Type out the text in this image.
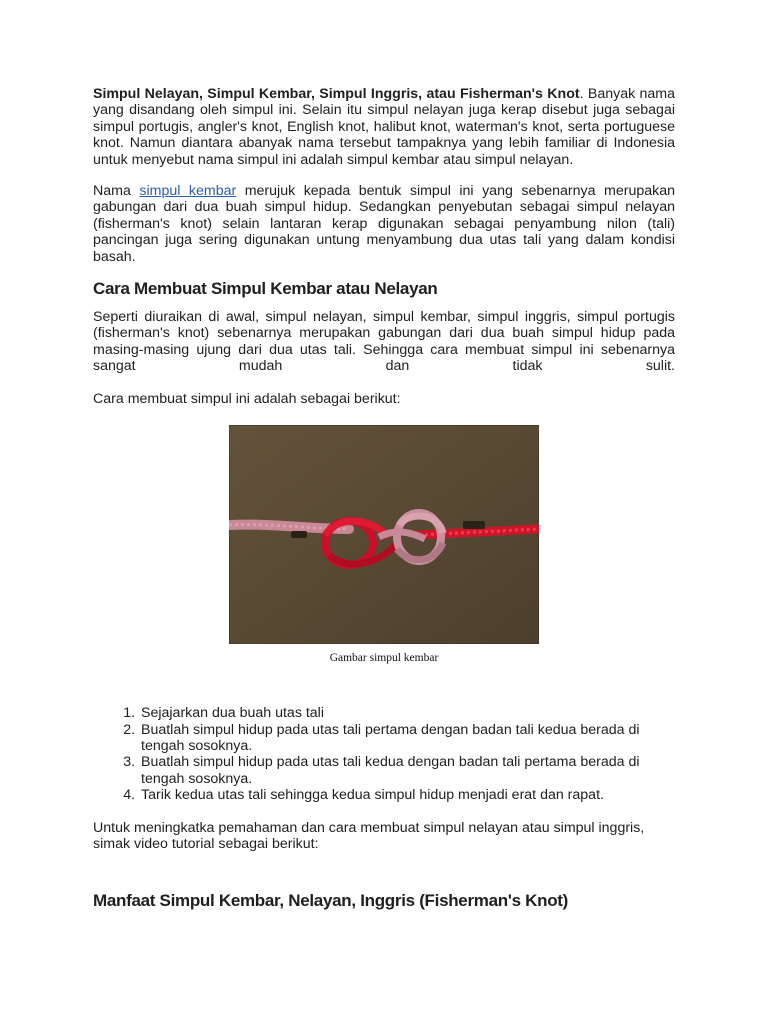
Simpul Nelayan, Simpul Kembar, Simpul Inggris, atau Fisherman's Knot. Banyak nama yang disandang oleh simpul ini. Selain itu simpul nelayan juga kerap disebut juga sebagai simpul portugis, angler's knot, English knot, halibut knot, waterman's knot, serta portuguese knot. Namun diantara abanyak nama tersebut tampaknya yang lebih familiar di Indonesia untuk menyebut nama simpul ini adalah simpul kembar atau simpul nelayan.

Nama simpul kembar merujuk kepada bentuk simpul ini yang sebenarnya merupakan gabungan dari dua buah simpul hidup. Sedangkan penyebutan sebagai simpul nelayan (fisherman's knot) selain lantaran kerap digunakan sebagai penyambung nilon (tali) pancingan juga sering digunakan untung menyambung dua utas tali yang dalam kondisi basah.

Cara Membuat Simpul Kembar atau Nelayan

Seperti diuraikan di awal, simpul nelayan, simpul kembar, simpul inggris, simpul portugis (fisherman's knot) sebenarnya merupakan gabungan dari dua buah simpul hidup pada masing-masing ujung dari dua utas tali. Sehingga cara membuat simpul ini sebenarnya sangat mudah dan tidak sulit.

Cara membuat simpul ini adalah sebagai berikut:

Gambar simpul kembar
1. Sejajarkan dua buah utas tali
2. Buatlah simpul hidup pada utas tali pertama dengan badan tali kedua berada di tengah sosoknya.
3. Buatlah simpul hidup pada utas tali kedua dengan badan tali pertama berada di tengah sosoknya.
4. Tarik kedua utas tali sehingga kedua simpul hidup menjadi erat dan rapat.

Untuk meningkatka pemahaman dan cara membuat simpul nelayan atau simpul inggris, simak video tutorial sebagai berikut:

Manfaat Simpul Kembar, Nelayan, Inggris (Fisherman's Knot)
